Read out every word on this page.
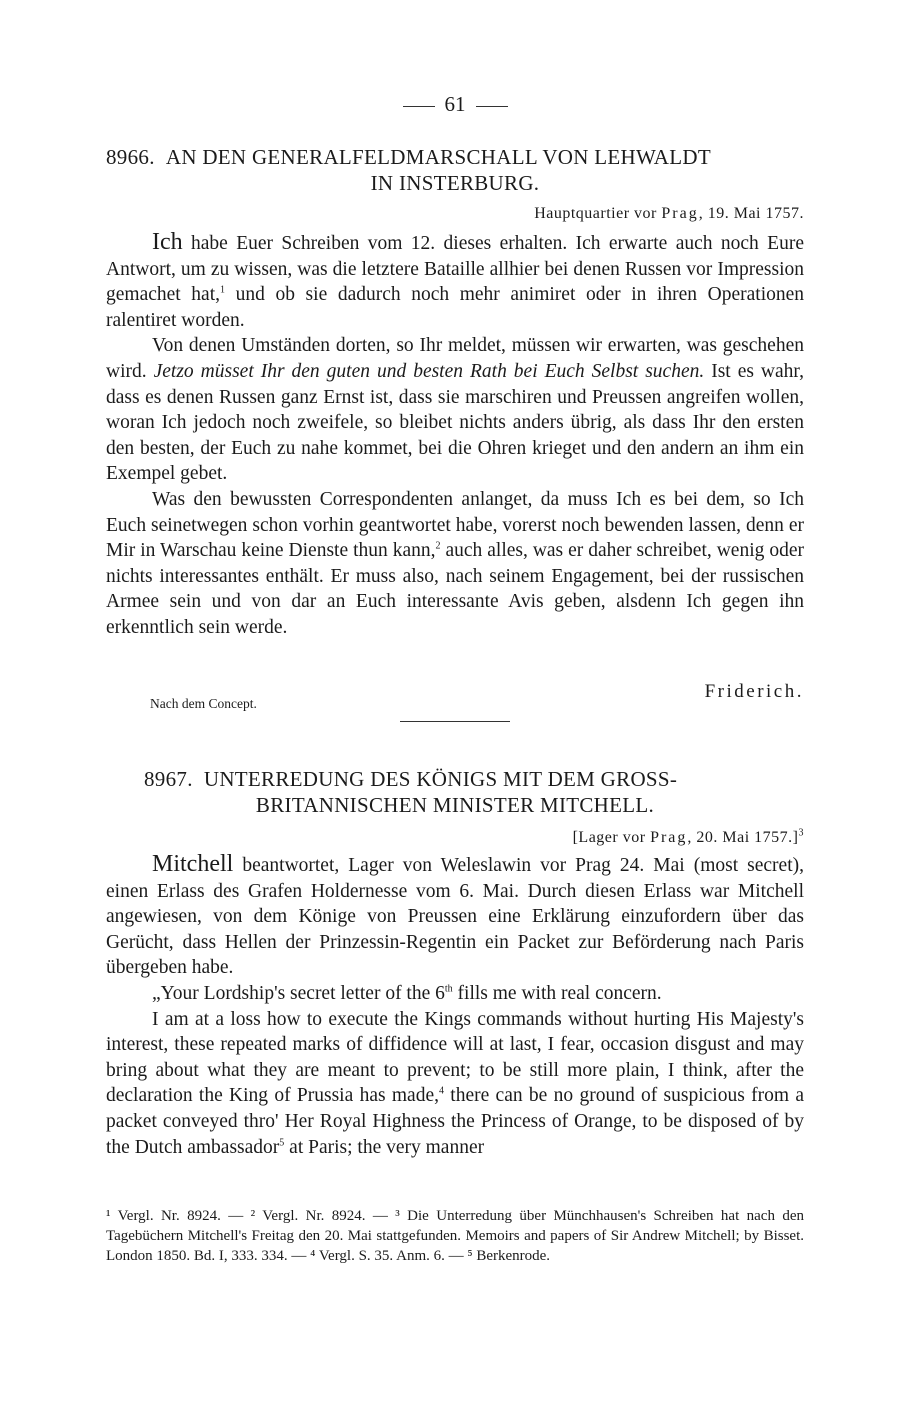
61
8966. AN DEN GENERALFELDMARSCHALL VON LEHWALDT
IN INSTERBURG.
Hauptquartier vor Prag, 19. Mai 1757.

Ich habe Euer Schreiben vom 12. dieses erhalten. Ich erwarte auch noch Eure Antwort, um zu wissen, was die letztere Bataille allhier bei denen Russen vor Impression gemachet hat,$^1$ und ob sie dadurch noch mehr animiret oder in ihren Operationen ralentiret worden.

Von denen Umständen dorten, so Ihr meldet, müssen wir erwarten, was geschehen wird. Jetzo müsset Ihr den guten und besten Rath bei Euch Selbst suchen. Ist es wahr, dass es denen Russen ganz Ernst ist, dass sie marschiren und Preussen angreifen wollen, woran Ich jedoch noch zweifele, so bleibet nichts anders übrig, als dass Ihr den ersten den besten, der Euch zu nahe kommet, bei die Ohren krieget und den andern an ihm ein Exempel gebet.

Was den bewussten Correspondenten anlanget, da muss Ich es bei dem, so Ich Euch seinetwegen schon vorhin geantwortet habe, vorerst noch bewenden lassen, denn er Mir in Warschau keine Dienste thun kann,$^2$ auch alles, was er daher schreibet, wenig oder nichts interessantes enthält. Er muss also, nach seinem Engagement, bei der russischen Armee sein und von dar an Euch interessante Avis geben, alsdenn Ich gegen ihn erkenntlich sein werde.

Friderich.
Nach dem Concept.
8967. UNTERREDUNG DES KÖNIGS MIT DEM GROSS-
BRITANNISCHEN MINISTER MITCHELL.
[Lager vor Prag, 20. Mai 1757.]$^3$

Mitchell beantwortet, Lager von Weleslawin vor Prag 24. Mai (most secret), einen Erlass des Grafen Holdernesse vom 6. Mai. Durch diesen Erlass war Mitchell angewiesen, von dem Könige von Preussen eine Erklärung einzufordern über das Gerücht, dass Hellen der Prinzessin-Regentin ein Packet zur Beförderung nach Paris übergeben habe.

„Your Lordship's secret letter of the 6th fills me with real concern.

I am at a loss how to execute the Kings commands without hurting His Majesty's interest, these repeated marks of diffidence will at last, I fear, occasion disgust and may bring about what they are meant to prevent; to be still more plain, I think, after the declaration the King of Prussia has made,$^4$ there can be no ground of suspicious from a packet conveyed thro' Her Royal Highness the Princess of Orange, to be disposed of by the Dutch ambassador$^5$ at Paris; the very manner

¹ Vergl. Nr. 8924. — ² Vergl. Nr. 8924. — ³ Die Unterredung über Münchhausen's Schreiben hat nach den Tagebüchern Mitchell's Freitag den 20. Mai stattgefunden. Memoirs and papers of Sir Andrew Mitchell; by Bisset. London 1850. Bd. I, 333. 334. — ⁴ Vergl. S. 35. Anm. 6. — ⁵ Berkenrode.
